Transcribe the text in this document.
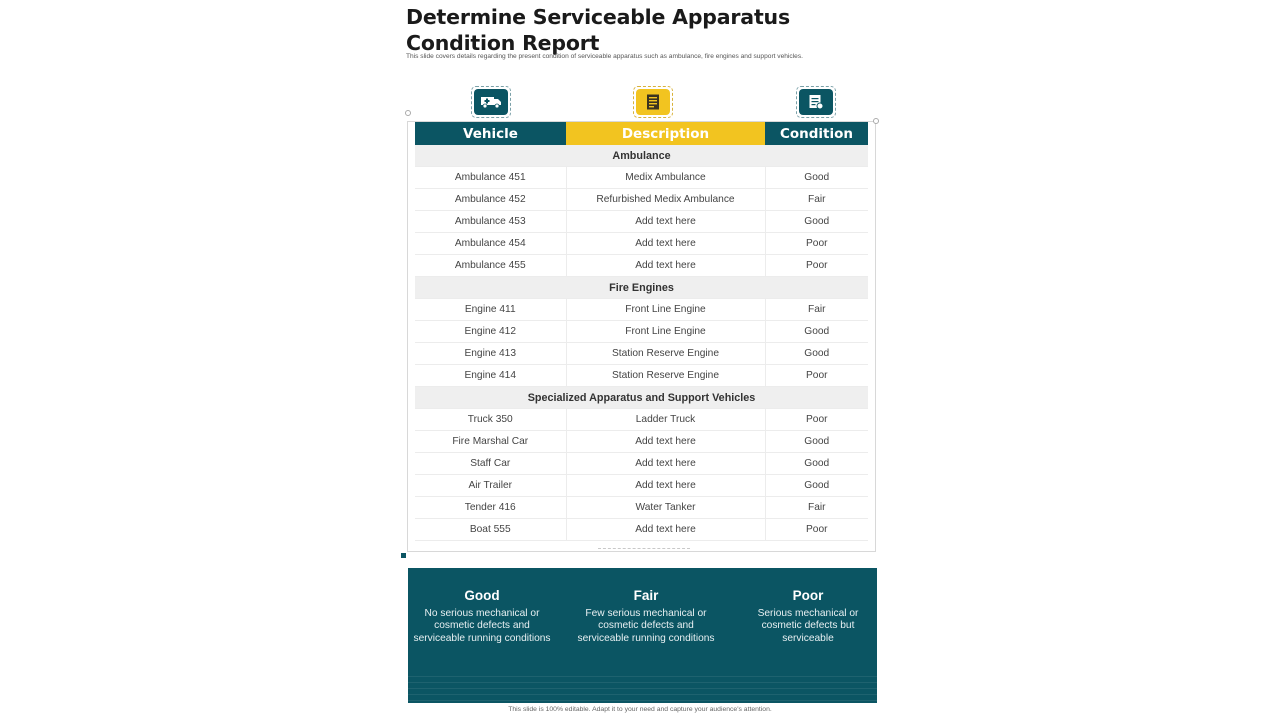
Determine Serviceable Apparatus Condition Report
This slide covers details regarding the present condition of serviceable apparatus such as ambulance, fire engines and support vehicles.
Vehicle	Description	Condition
Ambulance		
Ambulance 451	Medix Ambulance	Good
Ambulance 452	Refurbished Medix Ambulance	Fair
Ambulance 453	Add text here	Good
Ambulance 454	Add text here	Poor
Ambulance 455	Add text here	Poor
Fire Engines		
Engine 411	Front Line Engine	Fair
Engine 412	Front Line Engine	Good
Engine 413	Station Reserve Engine	Good
Engine 414	Station Reserve Engine	Poor
Specialized Apparatus and Support Vehicles		
Truck 350	Ladder Truck	Poor
Fire Marshal Car	Add text here	Good
Staff Car	Add text here	Good
Air Trailer	Add text here	Good
Tender 416	Water Tanker	Fair
Boat 555	Add text here	Poor
Good
No serious mechanical or cosmetic defects and serviceable running conditions
Fair
Few serious mechanical or cosmetic defects and serviceable running conditions
Poor
Serious mechanical or cosmetic defects but serviceable
This slide is 100% editable. Adapt it to your need and capture your audience's attention.
